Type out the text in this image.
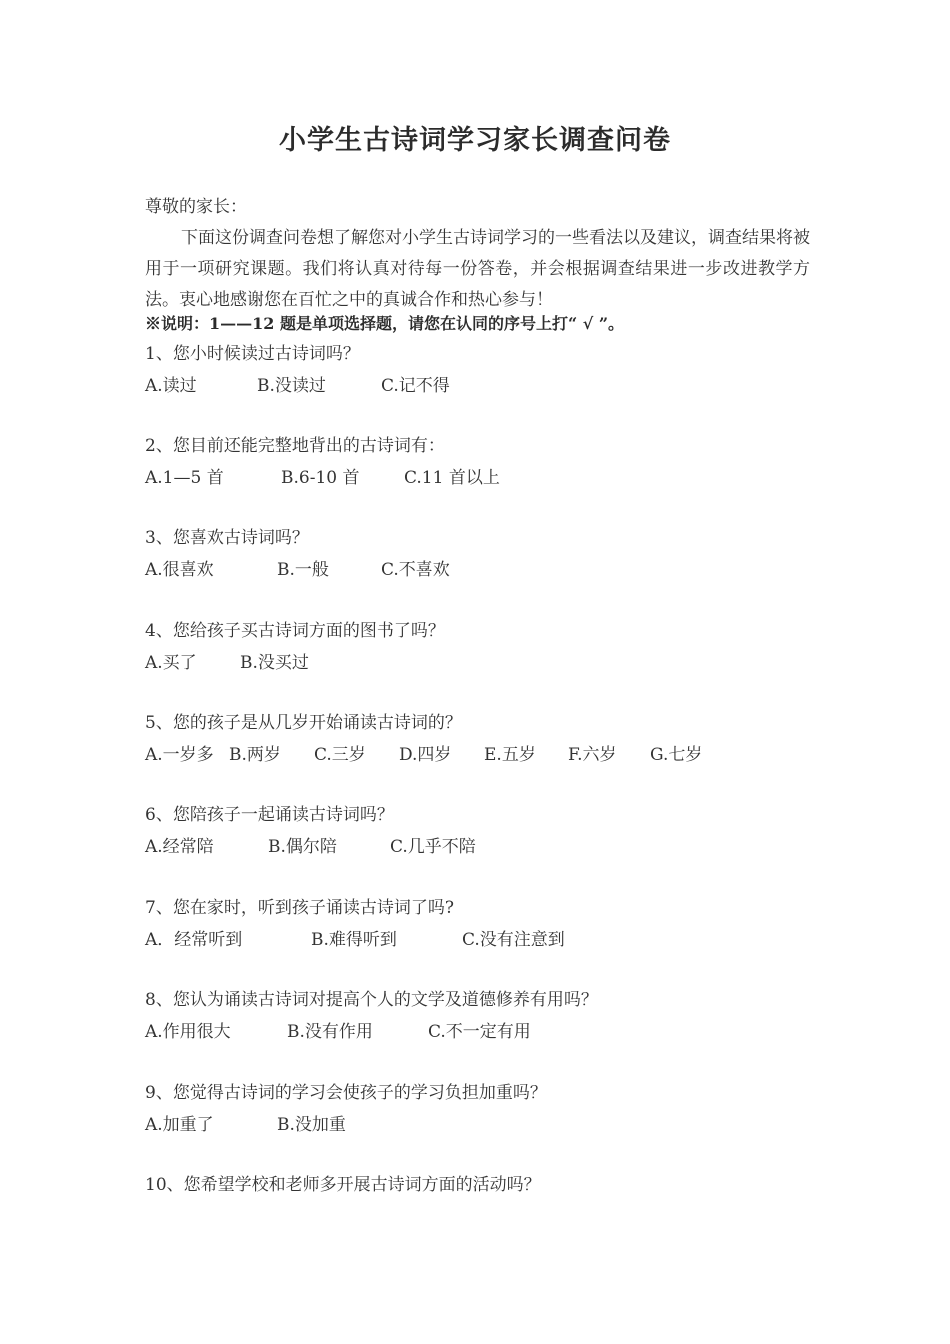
小学生古诗词学习家长调查问卷
尊敬的家长：
下面这份调查问卷想了解您对小学生古诗词学习的一些看法以及建议，调查结果将被用于一项研究课题。我们将认真对待每一份答卷，并会根据调查结果进一步改进教学方法。衷心地感谢您在百忙之中的真诚合作和热心参与！
※说明：1——12 题是单项选择题，请您在认同的序号上打“ √ ”。
1、您小时候读过古诗词吗？
A.读过	B.没读过	C.记不得
2、您目前还能完整地背出的古诗词有：
A.1—5 首	B.6-10 首	C.11 首以上
3、您喜欢古诗词吗？
A.很喜欢	B.一般	C.不喜欢
4、您给孩子买古诗词方面的图书了吗？
A.买了	B.没买过
5、您的孩子是从几岁开始诵读古诗词的？
A.一岁多 B.两岁 C.三岁 D.四岁 E.五岁 F.六岁 G.七岁
6、您陪孩子一起诵读古诗词吗？
A.经常陪	B.偶尔陪	C.几乎不陪
7、您在家时，听到孩子诵读古诗词了吗?
A．经常听到	B.难得听到	C.没有注意到
8、您认为诵读古诗词对提高个人的文学及道德修养有用吗？
A.作用很大	B.没有作用	C.不一定有用
9、您觉得古诗词的学习会使孩子的学习负担加重吗？
A.加重了	B.没加重
10、您希望学校和老师多开展古诗词方面的活动吗？
